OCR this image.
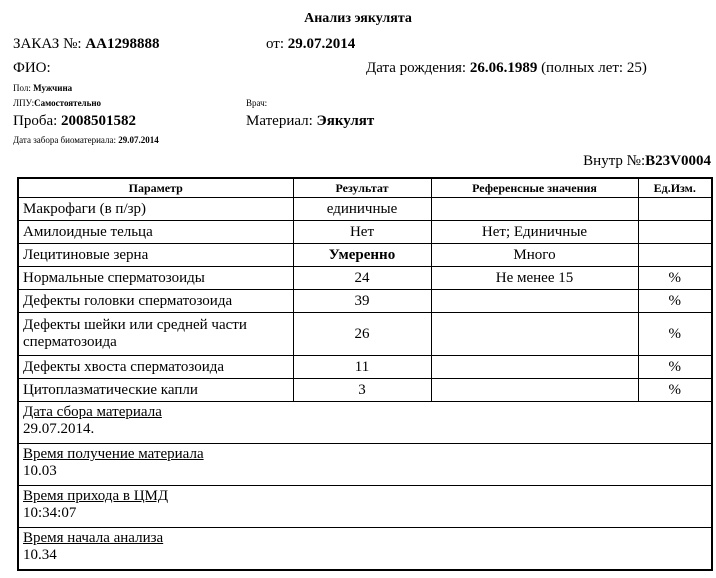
Анализ эякулята
ЗАКАЗ №: АА1298888	от: 29.07.2014
ФИО:	Дата рождения: 26.06.1989 (полных лет: 25)
Пол: Мужчина
ЛПУ:Самостоятельно	Врач:
Проба: 2008501582	Материал: Эякулят
Дата забора биоматериала: 29.07.2014
Внутр №:B23V0004
Параметр	Результат	Референсные значения	Ед.Изм.
Макрофаги (в п/зр)	единичные		
Амилоидные тельца	Нет	Нет; Единичные	
Лецитиновые зерна	Умеренно	Много	
Нормальные сперматозоиды	24	Не менее 15	%
Дефекты головки сперматозоида	39		%
Дефекты шейки или средней части сперматозоида	26		%
Дефекты хвоста сперматозоида	11		%
Цитоплазматические капли	3		%

Дата сбора материала
29.07.2014.			

Время получение материала
10.03			

Время прихода в ЦМД
10:34:07			

Время начала анализа
10.34			
